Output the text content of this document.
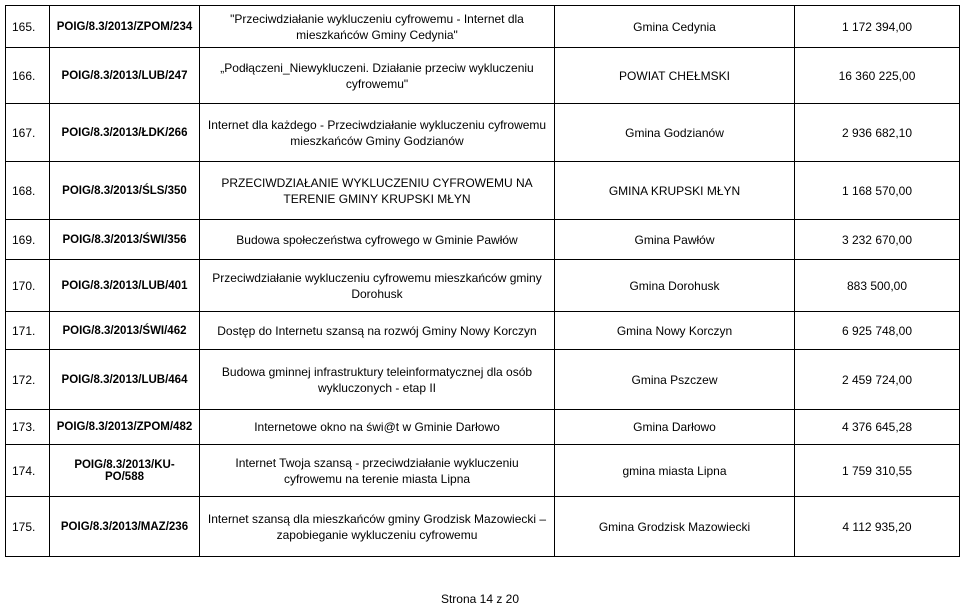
165.	POIG/8.3/2013/ZPOM/234	"Przeciwdziałanie wykluczeniu cyfrowemu - Internet dla mieszkańców Gminy Cedynia"	Gmina Cedynia	1 172 394,00
166.	POIG/8.3/2013/LUB/247	„Podłączeni_Niewykluczeni. Działanie przeciw wykluczeniu cyfrowemu"	POWIAT CHEŁMSKI	16 360 225,00
167.	POIG/8.3/2013/ŁDK/266	Internet dla każdego - Przeciwdziałanie wykluczeniu cyfrowemu mieszkańców Gminy Godzianów	Gmina Godzianów	2 936 682,10
168.	POIG/8.3/2013/ŚLS/350	PRZECIWDZIAŁANIE WYKLUCZENIU CYFROWEMU NA TERENIE GMINY KRUPSKI MŁYN	GMINA KRUPSKI MŁYN	1 168 570,00
169.	POIG/8.3/2013/ŚWI/356	Budowa społeczeństwa cyfrowego w Gminie Pawłów	Gmina Pawłów	3 232 670,00
170.	POIG/8.3/2013/LUB/401	Przeciwdziałanie wykluczeniu cyfrowemu mieszkańców gminy Dorohusk	Gmina Dorohusk	883 500,00
171.	POIG/8.3/2013/ŚWI/462	Dostęp do Internetu szansą na rozwój Gminy Nowy Korczyn	Gmina Nowy Korczyn	6 925 748,00
172.	POIG/8.3/2013/LUB/464	Budowa gminnej infrastruktury teleinformatycznej dla osób wykluczonych - etap II	Gmina Pszczew	2 459 724,00
173.	POIG/8.3/2013/ZPOM/482	Internetowe okno na świ@t w Gminie Darłowo	Gmina Darłowo	4 376 645,28
174.	POIG/8.3/2013/KU-PO/588	Internet Twoja szansą - przeciwdziałanie wykluczeniu cyfrowemu na terenie miasta Lipna	gmina miasta Lipna	1 759 310,55
175.	POIG/8.3/2013/MAZ/236	Internet szansą dla mieszkańców gminy Grodzisk Mazowiecki – zapobieganie wykluczeniu cyfrowemu	Gmina Grodzisk Mazowiecki	4 112 935,20
Strona 14 z 20
